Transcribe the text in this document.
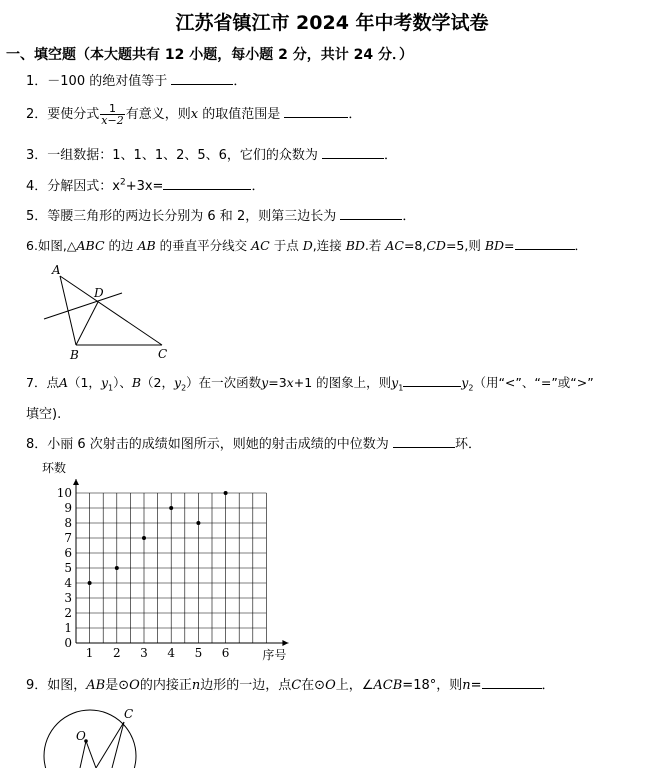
江苏省镇江市 2024 年中考数学试卷
一、填空题（本大题共有 12 小题，每小题 2 分，共计 24 分．）
1．－100 的绝对值等于	．
2．要使分式 $\frac{1}{x-2}$ 有意义，则x 的取值范围是	．
3．一组数据：1、1、1、2、5、6，它们的众数为	．
4．分解因式：$x^2+3x=$	．
5．等腰三角形的两边长分别为 6 和 2，则第三边长为	．
6.如图,△ABC 的边 AB 的垂直平分线交 AC 于点 D,连接 BD.若 AC=8,CD=5,则 BD=	．
A
B	C
D
7．点A（1，$y_1$）、B（2，$y_2$）在一次函数y=3x+1 的图象上，则$y_1$	$y_2$（用“<”、“=”或“>”
填空).
8．小丽 6 次射击的成绩如图所示，则她的射击成绩的中位数为	环．
0
1
2
3
4
5
6
7
8
9
10
1 2 3 4 5 6
环数
序号
9．如图，AB是⊙O的内接正n边形的一边，点C在⊙O上，∠ACB=18°，则n=	．
O
C
